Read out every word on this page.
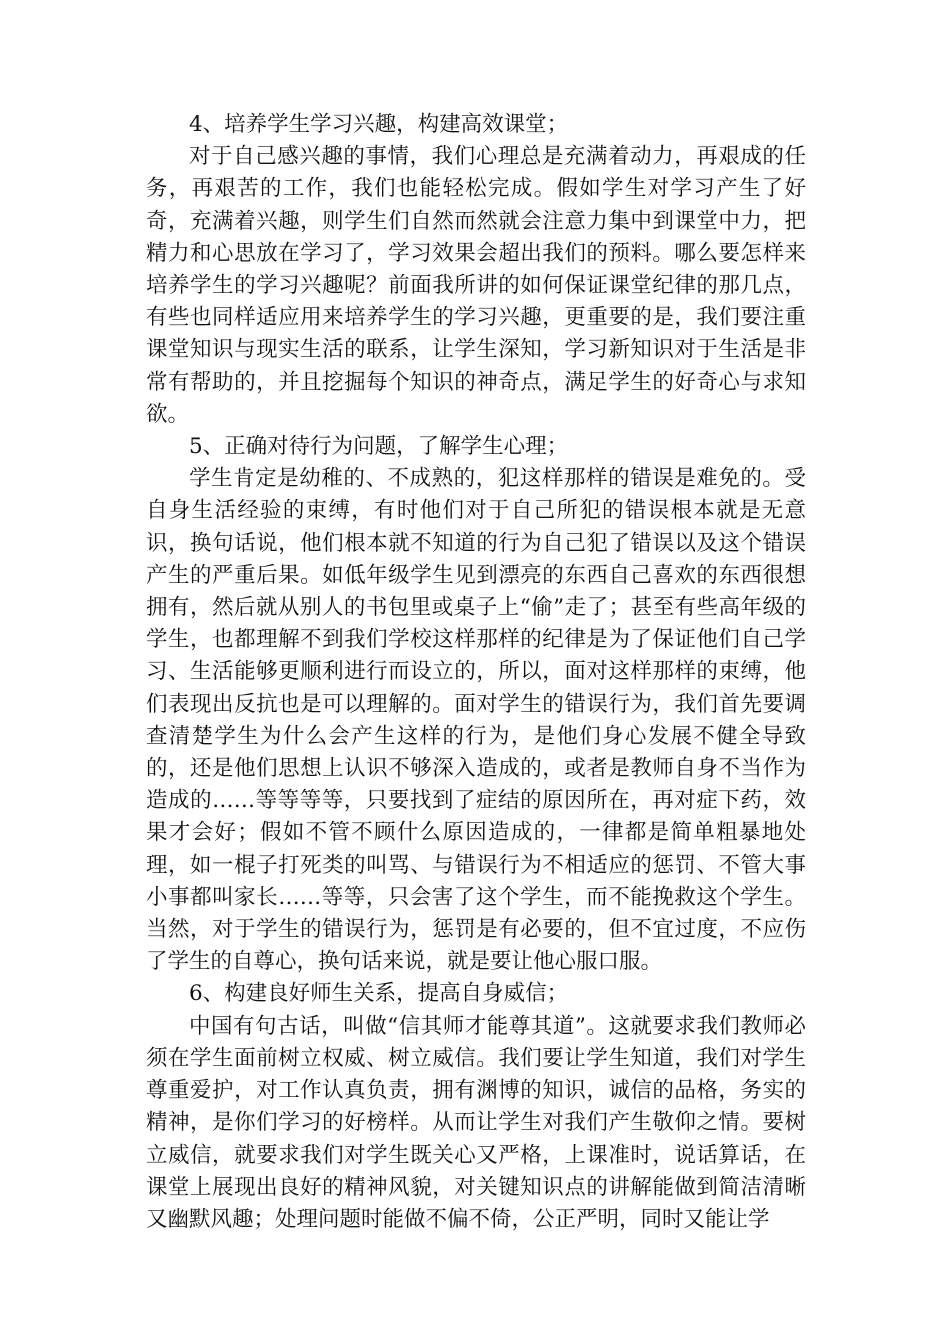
4、培养学生学习兴趣，构建高效课堂；

对于自己感兴趣的事情，我们心理总是充满着动力，再艰成的任务，再艰苦的工作，我们也能轻松完成。假如学生对学习产生了好奇，充满着兴趣，则学生们自然而然就会注意力集中到课堂中力，把精力和心思放在学习了，学习效果会超出我们的预料。哪么要怎样来培养学生的学习兴趣呢？前面我所讲的如何保证课堂纪律的那几点，有些也同样适应用来培养学生的学习兴趣，更重要的是，我们要注重课堂知识与现实生活的联系，让学生深知，学习新知识对于生活是非常有帮助的，并且挖掘每个知识的神奇点，满足学生的好奇心与求知欲。

5、正确对待行为问题，了解学生心理；

学生肯定是幼稚的、不成熟的，犯这样那样的错误是难免的。受自身生活经验的束缚，有时他们对于自己所犯的错误根本就是无意识，换句话说，他们根本就不知道的行为自己犯了错误以及这个错误产生的严重后果。如低年级学生见到漂亮的东西自己喜欢的东西很想拥有，然后就从别人的书包里或桌子上“偷”走了；甚至有些高年级的学生，也都理解不到我们学校这样那样的纪律是为了保证他们自己学习、生活能够更顺利进行而设立的，所以，面对这样那样的束缚，他们表现出反抗也是可以理解的。面对学生的错误行为，我们首先要调查清楚学生为什么会产生这样的行为，是他们身心发展不健全导致的，还是他们思想上认识不够深入造成的，或者是教师自身不当作为造成的……等等等等，只要找到了症结的原因所在，再对症下药，效果才会好；假如不管不顾什么原因造成的，一律都是简单粗暴地处理，如一棍子打死类的叫骂、与错误行为不相适应的惩罚、不管大事小事都叫家长……等等，只会害了这个学生，而不能挽救这个学生。当然，对于学生的错误行为，惩罚是有必要的，但不宜过度，不应伤了学生的自尊心，换句话来说，就是要让他心服口服。

6、构建良好师生关系，提高自身威信；

中国有句古话，叫做“信其师才能尊其道”。这就要求我们教师必须在学生面前树立权威、树立威信。我们要让学生知道，我们对学生尊重爱护，对工作认真负责，拥有渊博的知识，诚信的品格，务实的精神，是你们学习的好榜样。从而让学生对我们产生敬仰之情。要树立威信，就要求我们对学生既关心又严格，上课准时，说话算话，在课堂上展现出良好的精神风貌，对关键知识点的讲解能做到简洁清晰又幽默风趣；处理问题时能做不偏不倚，公正严明，同时又能让学
